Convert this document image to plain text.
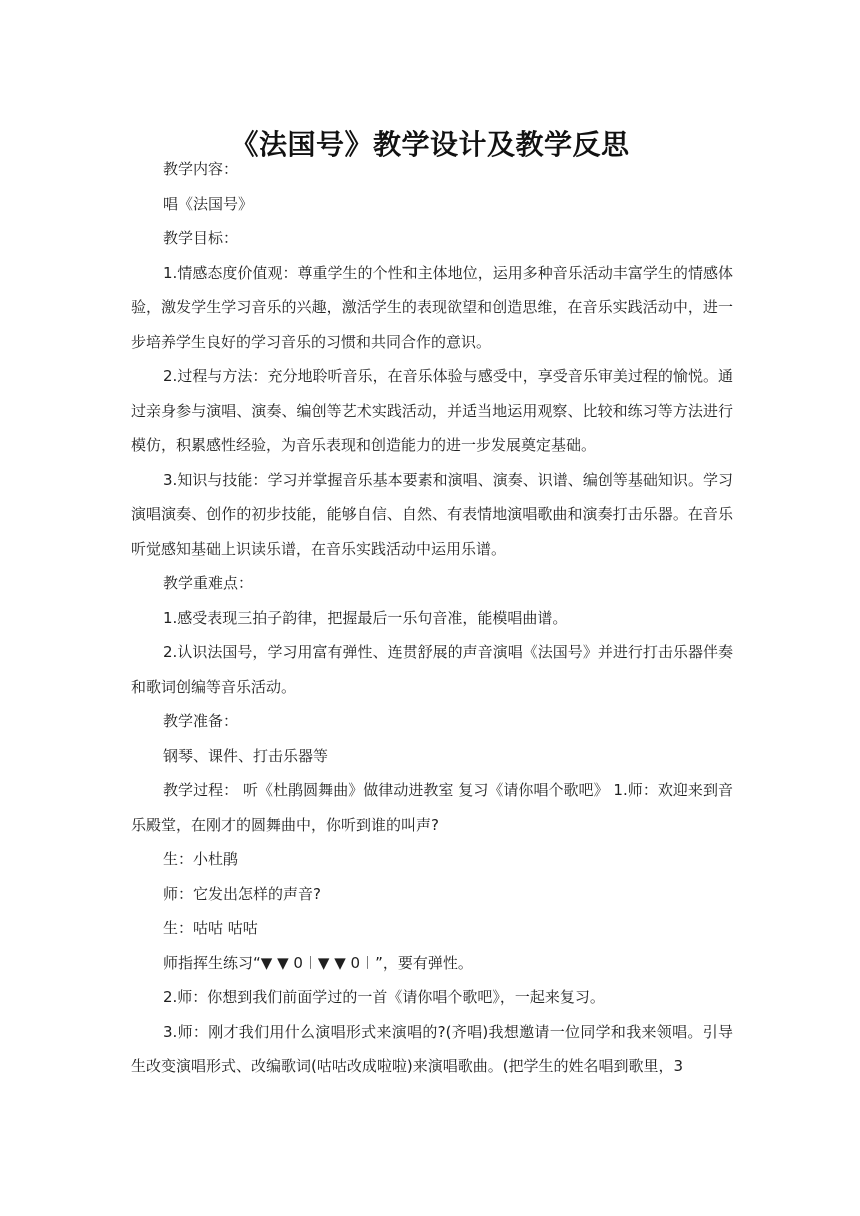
《法国号》教学设计及教学反思

教学内容：

唱《法国号》

教学目标：

1.情感态度价值观：尊重学生的个性和主体地位，运用多种音乐活动丰富学生的情感体验，激发学生学习音乐的兴趣，激活学生的表现欲望和创造思维，在音乐实践活动中，进一步培养学生良好的学习音乐的习惯和共同合作的意识。

2.过程与方法：充分地聆听音乐，在音乐体验与感受中，享受音乐审美过程的愉悦。通过亲身参与演唱、演奏、编创等艺术实践活动，并适当地运用观察、比较和练习等方法进行模仿，积累感性经验，为音乐表现和创造能力的进一步发展奠定基础。

3.知识与技能：学习并掌握音乐基本要素和演唱、演奏、识谱、编创等基础知识。学习演唱演奏、创作的初步技能，能够自信、自然、有表情地演唱歌曲和演奏打击乐器。在音乐听觉感知基础上识读乐谱，在音乐实践活动中运用乐谱。

教学重难点：

1.感受表现三拍子韵律，把握最后一乐句音准，能模唱曲谱。

2.认识法国号，学习用富有弹性、连贯舒展的声音演唱《法国号》并进行打击乐器伴奏和歌词创编等音乐活动。

教学准备：

钢琴、课件、打击乐器等

教学过程： 听《杜鹃圆舞曲》做律动进教室 复习《请你唱个歌吧》 1.师：欢迎来到音乐殿堂，在刚才的圆舞曲中，你听到谁的叫声?

生：小杜鹃

师：它发出怎样的声音?

生：咕咕 咕咕

师指挥生练习“▼ ▼ 0︱▼ ▼ 0︱”，要有弹性。

2.师：你想到我们前面学过的一首《请你唱个歌吧》，一起来复习。

3.师：刚才我们用什么演唱形式来演唱的?(齐唱)我想邀请一位同学和我来领唱。引导生改变演唱形式、改编歌词(咕咕改成啦啦)来演唱歌曲。(把学生的姓名唱到歌里，3
